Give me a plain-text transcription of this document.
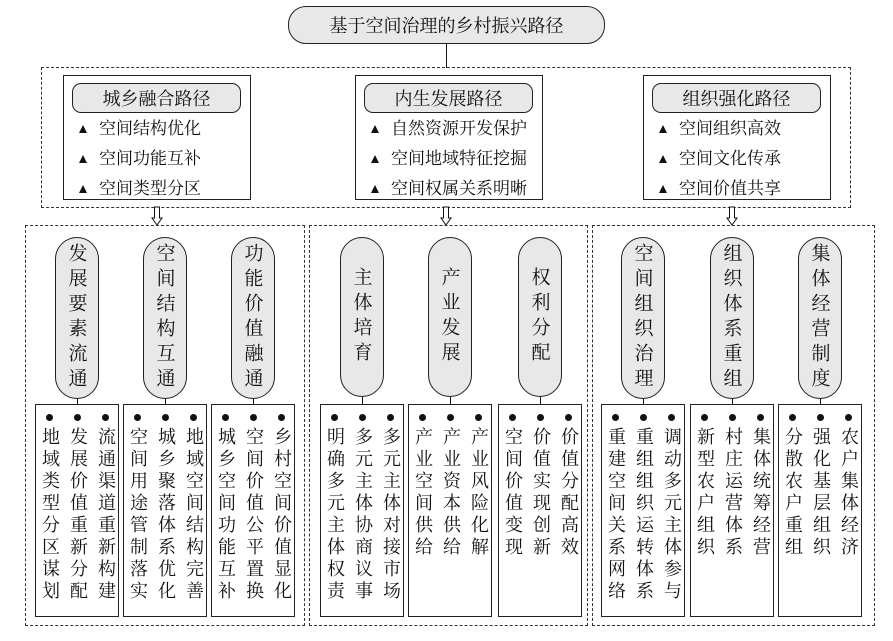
基于空间治理的乡村振兴路径
城乡融合路径
空间结构优化
空间功能互补
空间类型分区
内生发展路径
自然资源开发保护
空间地域特征挖掘
空间权属关系明晰
组织强化路径
空间组织高效
空间文化传承
空间价值共享
发展要素流通
地域类型分区谋划 发展价值重新分配 流通渠道重新构建
空间结构互通
空间用途管制落实 城乡聚落体系优化 地域空间结构完善
功能价值融通
城乡空间功能互补 空间价值公平置换 乡村空间价值显化
主体培育
明确多元主体权责 多元主体协商议事 多元主体对接市场
产业发展
产业空间供给 产业资本供给 产业风险化解
权利分配
空间价值变现 价值实现创新 价值分配高效
空间组织治理
重建空间关系网络 重组组织运转体系 调动多元主体参与
组织体系重组
新型农户组织 村庄运营体系 集体统筹经营
集体经营制度
分散农户重组 强化基层组织 农户集体经济
